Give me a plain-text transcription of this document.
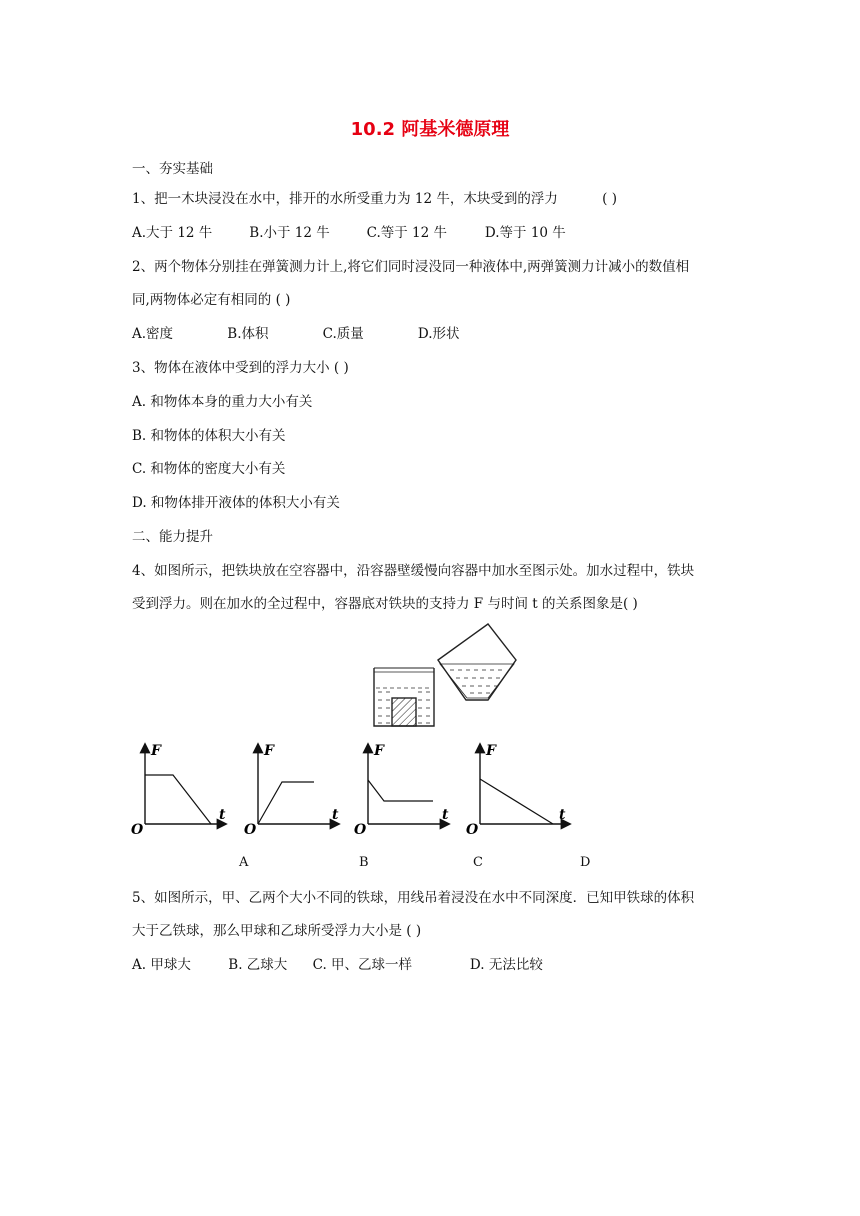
10.2 阿基米德原理
一、夯实基础
1、把一木块浸没在水中，排开的水所受重力为 12 牛，木块受到的浮力	( )
A.大于 12 牛	B.小于 12 牛	C.等于 12 牛	D.等于 10 牛
2、两个物体分别挂在弹簧测力计上,将它们同时浸没同一种液体中,两弹簧测力计减小的数值相
同,两物体必定有相同的 ( )
A.密度	B.体积	C.质量	D.形状
3、物体在液体中受到的浮力大小 ( )
A. 和物体本身的重力大小有关
B. 和物体的体积大小有关
C. 和物体的密度大小有关
D. 和物体排开液体的体积大小有关
二、能力提升
4、如图所示，把铁块放在空容器中，沿容器壁缓慢向容器中加水至图示处。加水过程中，铁块
受到浮力。则在加水的全过程中，容器底对铁块的支持力 F 与时间 t 的关系图象是( )
F
t
O
F
t
O
F
t
O
F
t
O
A	B	C	D
5、如图所示，甲、乙两个大小不同的铁球，用线吊着浸没在水中不同深度．已知甲铁球的体积
大于乙铁球，那么甲球和乙球所受浮力大小是 ( )
A. 甲球大	B. 乙球大 C. 甲、乙球一样	D. 无法比较
